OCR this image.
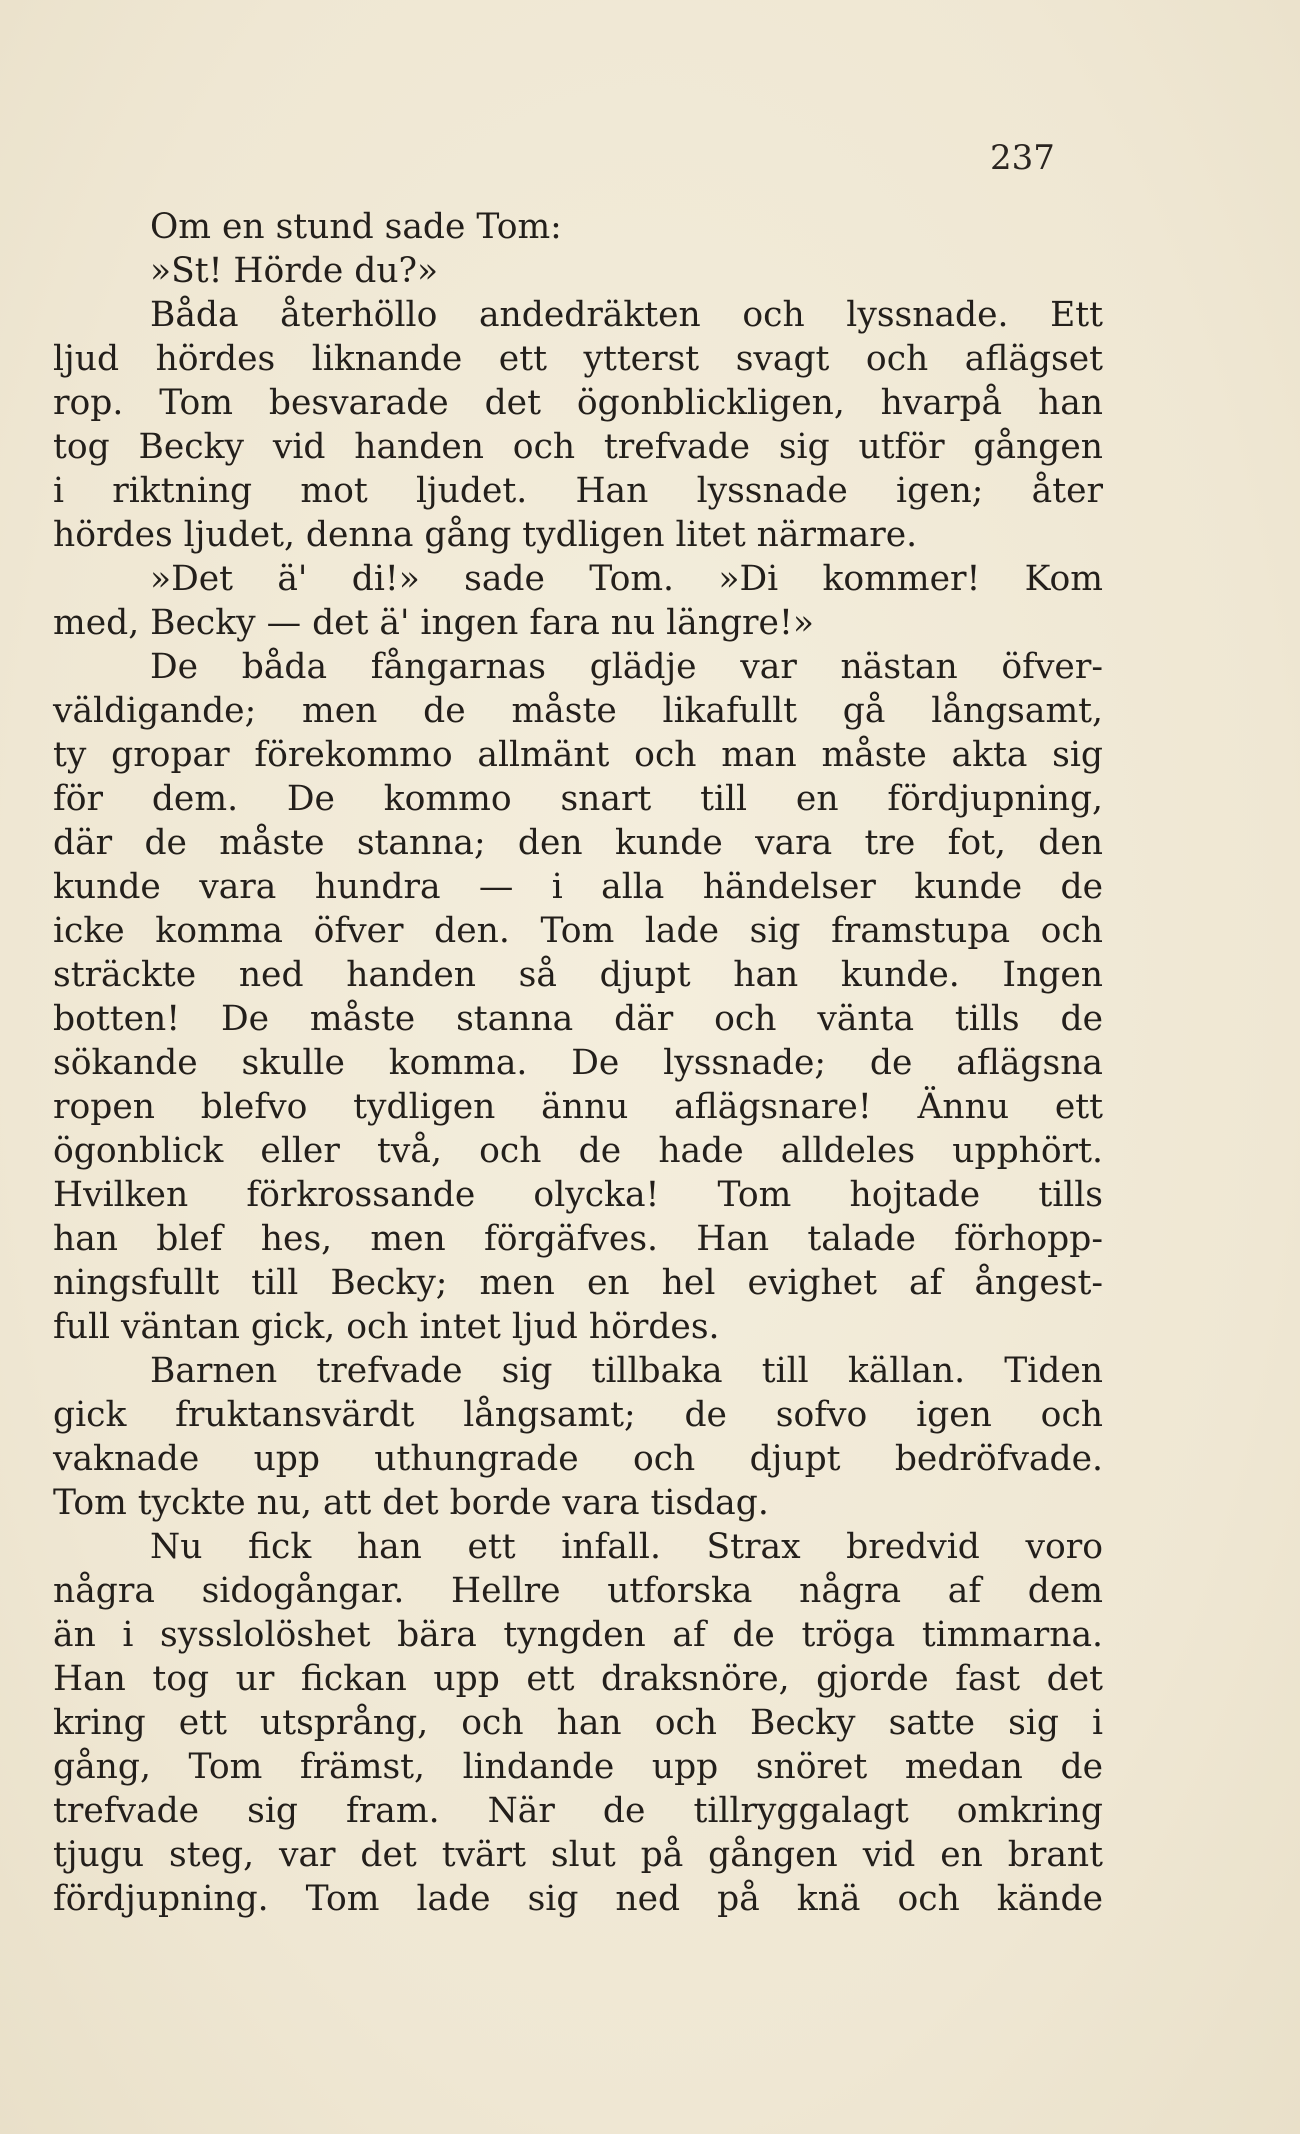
237
Om en stund sade Tom:
»St! Hörde du?»
Båda återhöllo andedräkten och lyssnade. Ett
ljud hördes liknande ett ytterst svagt och aflägset
rop. Tom besvarade det ögonblickligen, hvarpå han
tog Becky vid handen och trefvade sig utför gången
i riktning mot ljudet. Han lyssnade igen; åter
hördes ljudet, denna gång tydligen litet närmare.
»Det ä' di!» sade Tom. »Di kommer! Kom
med, Becky — det ä' ingen fara nu längre!»
De båda fångarnas glädje var nästan öfver-
väldigande; men de måste likafullt gå långsamt,
ty gropar förekommo allmänt och man måste akta sig
för dem. De kommo snart till en fördjupning,
där de måste stanna; den kunde vara tre fot, den
kunde vara hundra — i alla händelser kunde de
icke komma öfver den. Tom lade sig framstupa och
sträckte ned handen så djupt han kunde. Ingen
botten! De måste stanna där och vänta tills de
sökande skulle komma. De lyssnade; de aflägsna
ropen blefvo tydligen ännu aflägsnare! Ännu ett
ögonblick eller två, och de hade alldeles upphört.
Hvilken förkrossande olycka! Tom hojtade tills
han blef hes, men förgäfves. Han talade förhopp-
ningsfullt till Becky; men en hel evighet af ångest-
full väntan gick, och intet ljud hördes.
Barnen trefvade sig tillbaka till källan. Tiden
gick fruktansvärdt långsamt; de sofvo igen och
vaknade upp uthungrade och djupt bedröfvade.
Tom tyckte nu, att det borde vara tisdag.
Nu fick han ett infall. Strax bredvid voro
några sidogångar. Hellre utforska några af dem
än i sysslolöshet bära tyngden af de tröga timmarna.
Han tog ur fickan upp ett draksnöre, gjorde fast det
kring ett utsprång, och han och Becky satte sig i
gång, Tom främst, lindande upp snöret medan de
trefvade sig fram. När de tillryggalagt omkring
tjugu steg, var det tvärt slut på gången vid en brant
fördjupning. Tom lade sig ned på knä och kände
